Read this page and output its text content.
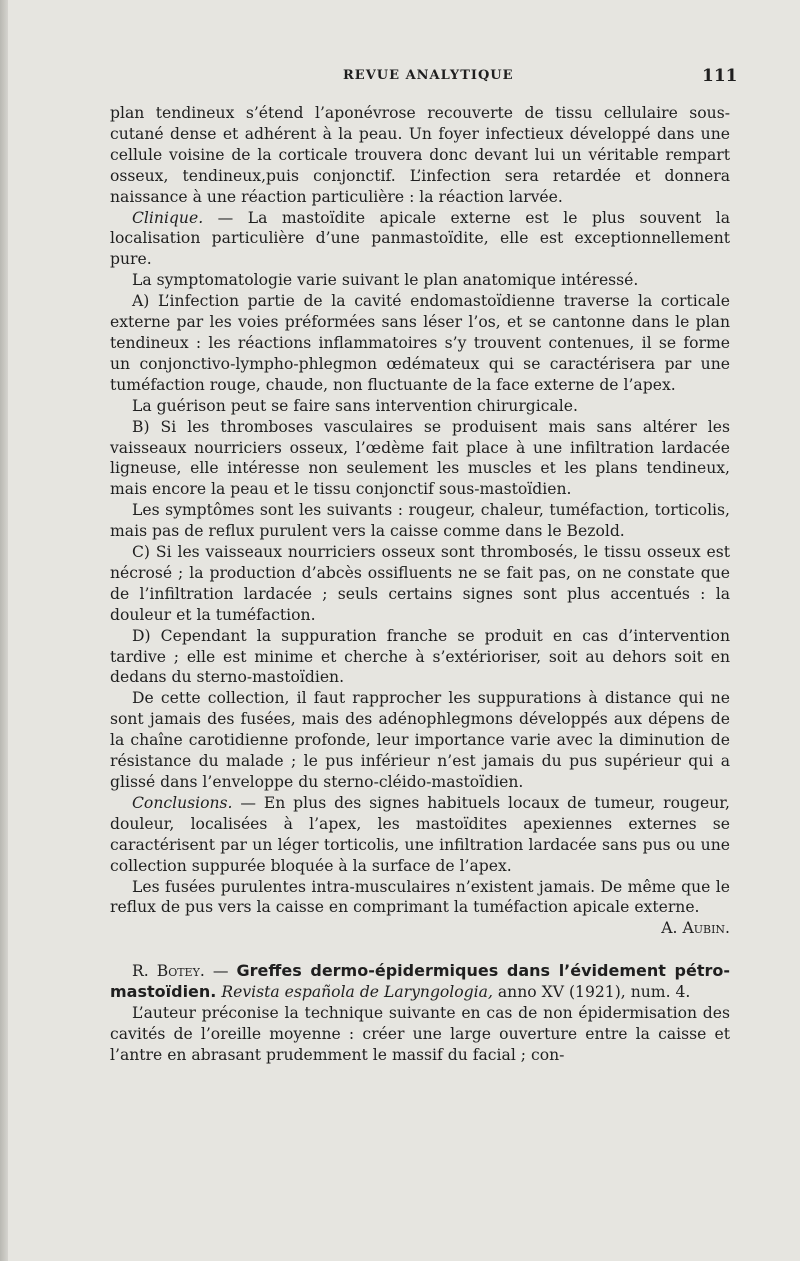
REVUE ANALYTIQUE	111

plan tendineux s’étend l’aponévrose recouverte de tissu cellulaire sous-cutané dense et adhérent à la peau. Un foyer infectieux développé dans une cellule voisine de la corticale trouvera donc devant lui un véritable rempart osseux, tendineux,puis conjonctif. L’infection sera retardée et donnera naissance à une réaction particulière : la réaction larvée.

Clinique. — La mastoïdite apicale externe est le plus souvent la localisation particulière d’une panmastoïdite, elle est exceptionnellement pure.

La symptomatologie varie suivant le plan anatomique intéressé.

A) L’infection partie de la cavité endomastoïdienne traverse la corticale externe par les voies préformées sans léser l’os, et se cantonne dans le plan tendineux : les réactions inflammatoires s’y trouvent contenues, il se forme un conjonctivo-lympho-phlegmon œdémateux qui se caractérisera par une tuméfaction rouge, chaude, non fluctuante de la face externe de l’apex.

La guérison peut se faire sans intervention chirurgicale.

B) Si les thromboses vasculaires se produisent mais sans altérer les vaisseaux nourriciers osseux, l’œdème fait place à une infiltration lardacée ligneuse, elle intéresse non seulement les muscles et les plans tendineux, mais encore la peau et le tissu conjonctif sous-mastoïdien.

Les symptômes sont les suivants : rougeur, chaleur, tuméfaction, torticolis, mais pas de reflux purulent vers la caisse comme dans le Bezold.

C) Si les vaisseaux nourriciers osseux sont thrombosés, le tissu osseux est nécrosé ; la production d’abcès ossifluents ne se fait pas, on ne constate que de l’infiltration lardacée ; seuls certains signes sont plus accentués : la douleur et la tuméfaction.

D) Cependant la suppuration franche se produit en cas d’intervention tardive ; elle est minime et cherche à s’extérioriser, soit au dehors soit en dedans du sterno-mastoïdien.

De cette collection, il faut rapprocher les suppurations à distance qui ne sont jamais des fusées, mais des adénophlegmons développés aux dépens de la chaîne carotidienne profonde, leur importance varie avec la diminution de résistance du malade ; le pus inférieur n’est jamais du pus supérieur qui a glissé dans l’enveloppe du sterno-cléido-mastoïdien.

Conclusions. — En plus des signes habituels locaux de tumeur, rougeur, douleur, localisées à l’apex, les mastoïdites apexiennes externes se caractérisent par un léger torticolis, une infiltration lardacée sans pus ou une collection suppurée bloquée à la surface de l’apex.

Les fusées purulentes intra-musculaires n’existent jamais. De même que le reflux de pus vers la caisse en comprimant la tuméfaction apicale externe.

A. Aubin.

R. Botey. — Greffes dermo-épidermiques dans l’évidement pétro-mastoïdien. Revista española de Laryngologia, anno XV (1921), num. 4.

L’auteur préconise la technique suivante en cas de non épidermisation des cavités de l’oreille moyenne : créer une large ouverture entre la caisse et l’antre en abrasant prudemment le massif du facial ; con-
